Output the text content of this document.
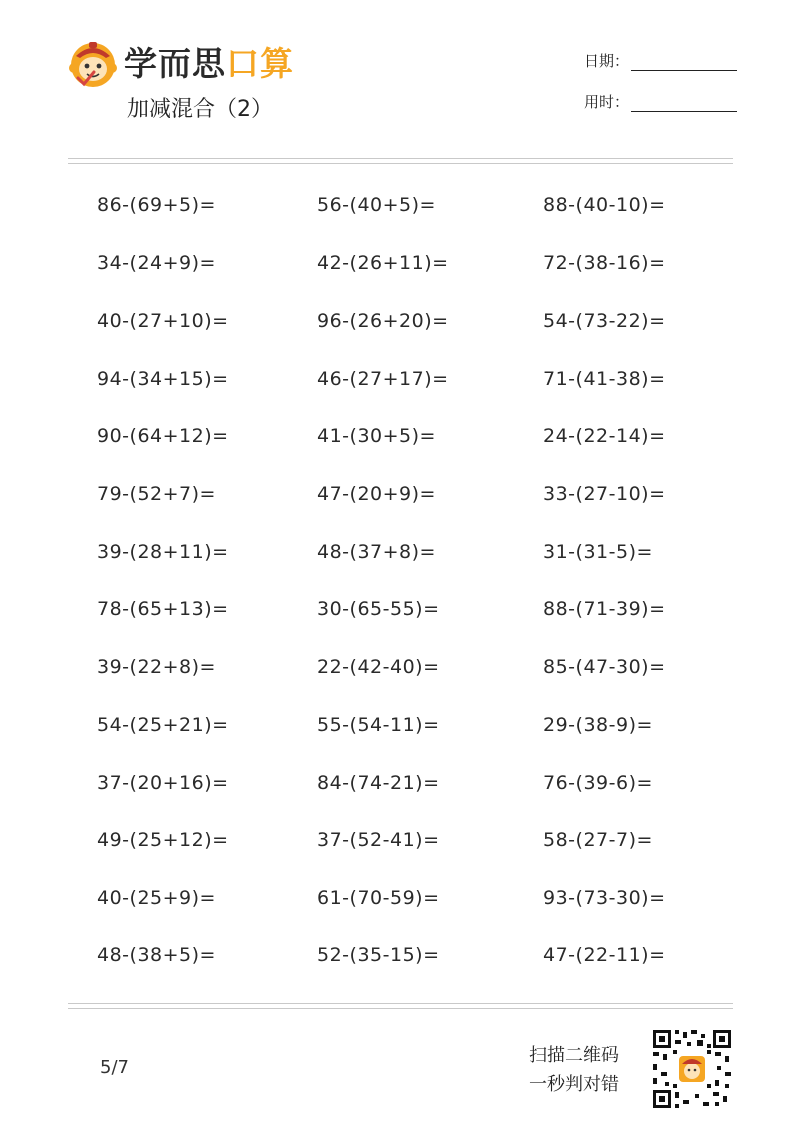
学而思口算
加减混合（2）
日期：
用时：
86-(69+5)=	56-(40+5)=	88-(40-10)=
34-(24+9)=	42-(26+11)=	72-(38-16)=
40-(27+10)=	96-(26+20)=	54-(73-22)=
94-(34+15)=	46-(27+17)=	71-(41-38)=
90-(64+12)=	41-(30+5)=	24-(22-14)=
79-(52+7)=	47-(20+9)=	33-(27-10)=
39-(28+11)=	48-(37+8)=	31-(31-5)=
78-(65+13)=	30-(65-55)=	88-(71-39)=
39-(22+8)=	22-(42-40)=	85-(47-30)=
54-(25+21)=	55-(54-11)=	29-(38-9)=
37-(20+16)=	84-(74-21)=	76-(39-6)=
49-(25+12)=	37-(52-41)=	58-(27-7)=
40-(25+9)=	61-(70-59)=	93-(73-30)=
48-(38+5)=	52-(35-15)=	47-(22-11)=
5/7
扫描二维码
一秒判对错
